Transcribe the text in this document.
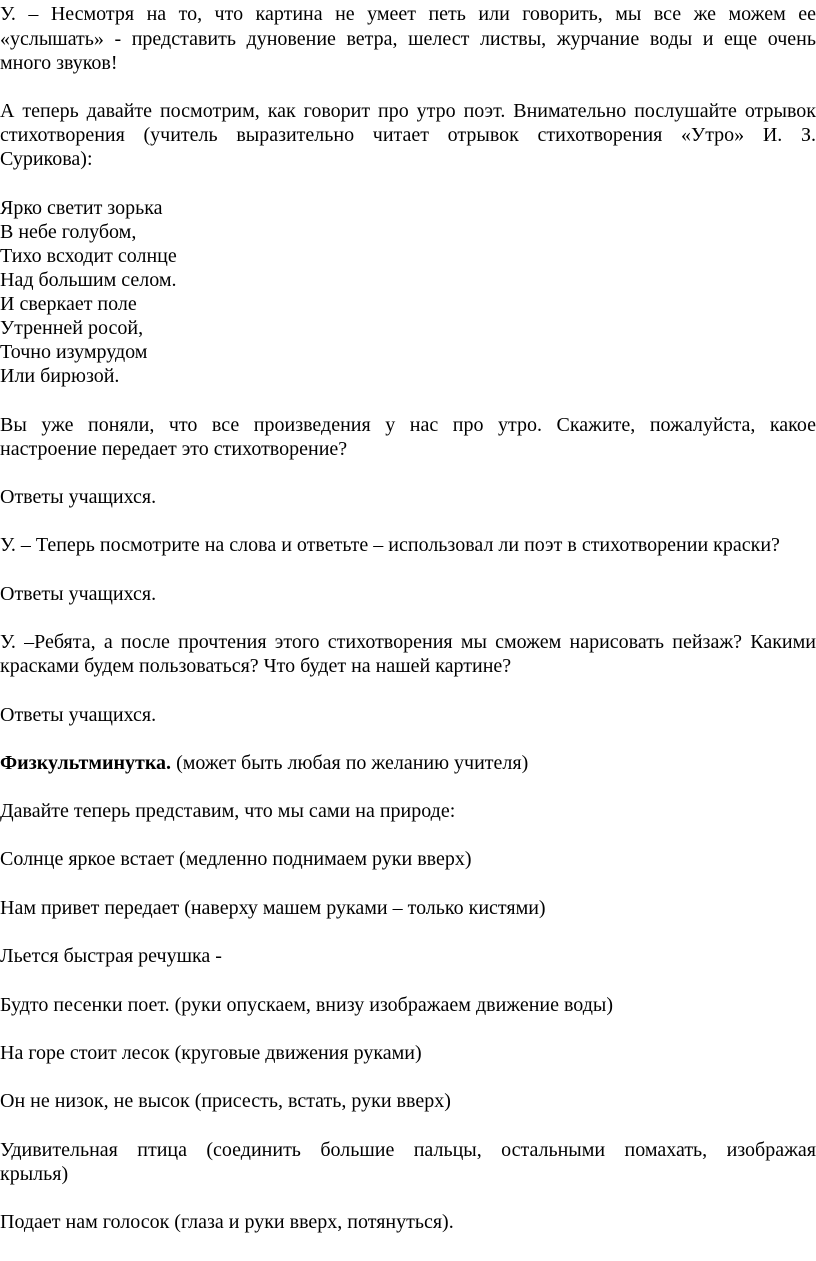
У. – Несмотря на то, что картина не умеет петь или говорить, мы все же можем ее
«услышать» - представить дуновение ветра, шелест листвы, журчание воды и еще очень
много звуков!
А теперь давайте посмотрим, как говорит про утро поэт. Внимательно послушайте отрывок
стихотворения (учитель выразительно читает отрывок стихотворения «Утро» И. З.
Сурикова):
Ярко светит зорька
В небе голубом,
Тихо всходит солнце
Над большим селом.
И сверкает поле
Утренней росой,
Точно изумрудом
Или бирюзой.
Вы уже поняли, что все произведения у нас про утро. Скажите, пожалуйста, какое
настроение передает это стихотворение?
Ответы учащихся.
У. – Теперь посмотрите на слова и ответьте – использовал ли поэт в стихотворении краски?
Ответы учащихся.
У. –Ребята, а после прочтения этого стихотворения мы сможем нарисовать пейзаж? Какими
красками будем пользоваться? Что будет на нашей картине?
Ответы учащихся.
Физкультминутка. (может быть любая по желанию учителя)
Давайте теперь представим, что мы сами на природе:
Солнце яркое встает (медленно поднимаем руки вверх)
Нам привет передает (наверху машем руками – только кистями)
Льется быстрая речушка -
Будто песенки поет. (руки опускаем, внизу изображаем движение воды)
На горе стоит лесок (круговые движения руками)
Он не низок, не высок (присесть, встать, руки вверх)
Удивительная птица (соединить большие пальцы, остальными помахать, изображая
крылья)
Подает нам голосок (глаза и руки вверх, потянуться).
